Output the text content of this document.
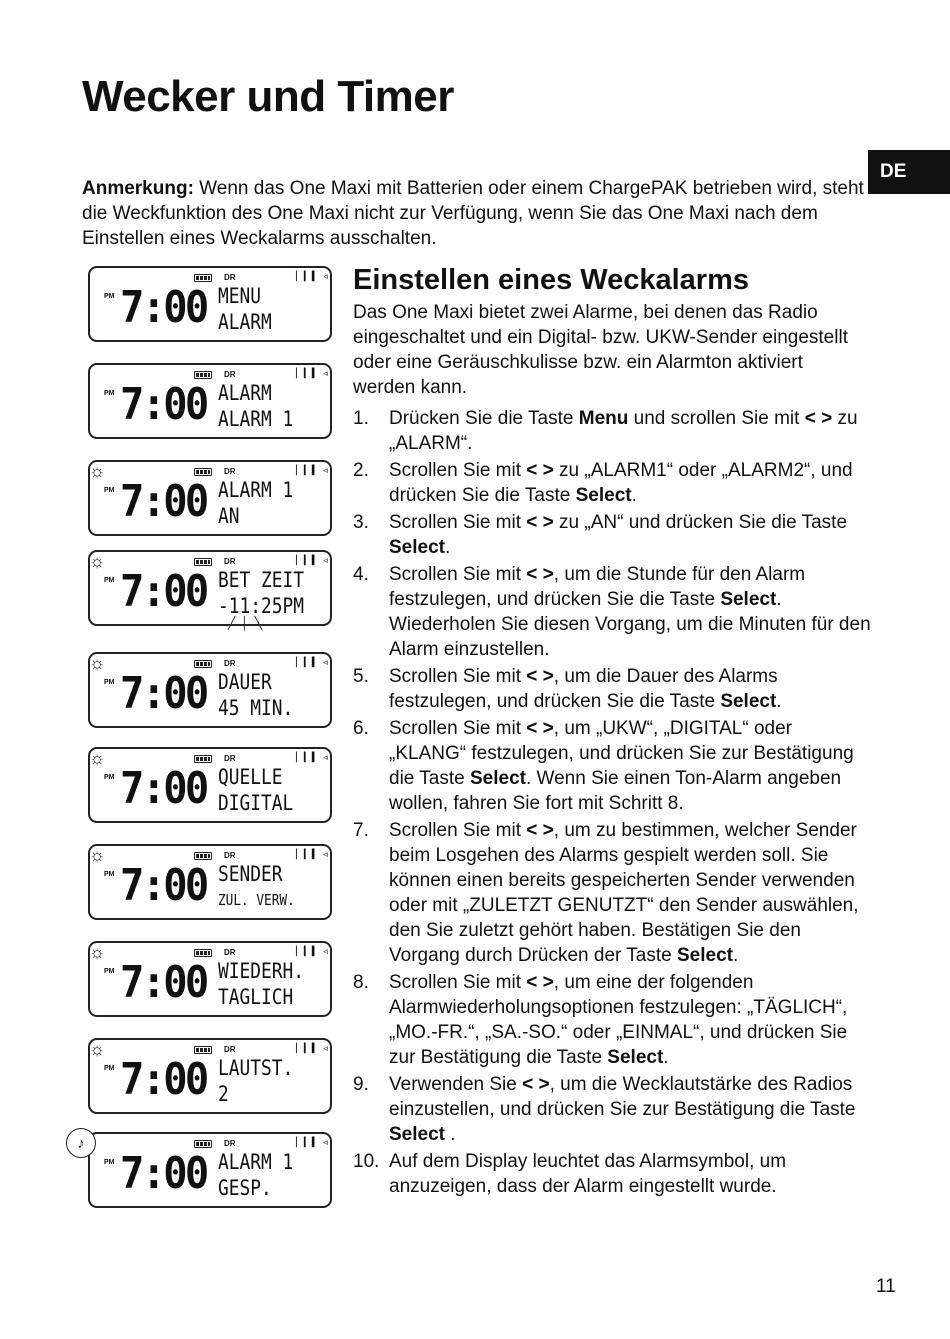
Wecker und Timer
DE

Anmerkung: Wenn das One Maxi mit Batterien oder einem ChargePAK betrieben wird, steht die Weckfunktion des One Maxi nicht zur Verfügung, wenn Sie das One Maxi nach dem Einstellen eines Weckalarms ausschalten.

PM
DR	▏▎▍ ◃
7:00 MENU
ALARM
PM
DR	▏▎▍ ◃
7:00 ALARM
ALARM 1
PM
DR	▏▎▍ ◃
7:00 ALARM 1
AN
☼
PM
DR	▏▎▍ ◃
7:00 BET ZEIT
-11:25PM
☼
╱│╲
PM
DR	▏▎▍ ◃
7:00 DAUER
45 MIN.
☼
PM
DR	▏▎▍ ◃
7:00 QUELLE
DIGITAL
☼
PM
DR	▏▎▍ ◃
7:00 SENDER
ZUL. VERW.
☼
PM
DR	▏▎▍ ◃
7:00 WIEDERH.
TAGLICH
☼
PM
DR	▏▎▍ ◃
7:00 LAUTST.
2
☼
PM
DR	▏▎▍ ◃
7:00 ALARM 1
GESP.
♪
Einstellen eines Weckalarms

Das One Maxi bietet zwei Alarme, bei denen das Radio eingeschaltet und ein Digital- bzw. UKW-Sender eingestellt oder eine Geräuschkulisse bzw. ein Alarmton aktiviert werden kann.

1. Drücken Sie die Taste Menu und scrollen Sie mit < > zu „ALARM“.
2. Scrollen Sie mit < > zu „ALARM1“ oder „ALARM2“, und drücken Sie die Taste Select.
3. Scrollen Sie mit < > zu „AN“ und drücken Sie die Taste Select.
4. Scrollen Sie mit < >, um die Stunde für den Alarm festzulegen, und drücken Sie die Taste Select. Wiederholen Sie diesen Vorgang, um die Minuten für den Alarm einzustellen.
5. Scrollen Sie mit < >, um die Dauer des Alarms festzulegen, und drücken Sie die Taste Select.
6. Scrollen Sie mit < >, um „UKW“, „DIGITAL“ oder „KLANG“ festzulegen, und drücken Sie zur Bestätigung die Taste Select. Wenn Sie einen Ton-Alarm angeben wollen, fahren Sie fort mit Schritt 8.
7. Scrollen Sie mit < >, um zu bestimmen, welcher Sender beim Losgehen des Alarms gespielt werden soll. Sie können einen bereits gespeicherten Sender verwenden oder mit „ZULETZT GENUTZT“ den Sender auswählen, den Sie zuletzt gehört haben. Bestätigen Sie den Vorgang durch Drücken der Taste Select.
8. Scrollen Sie mit < >, um eine der folgenden Alarmwiederholungsoptionen festzulegen: „TÄGLICH“, „MO.-FR.“, „SA.-SO.“ oder „EINMAL“, und drücken Sie zur Bestätigung die Taste Select.
9. Verwenden Sie < >, um die Wecklautstärke des Radios einzustellen, und drücken Sie zur Bestätigung die Taste Select .
10. Auf dem Display leuchtet das Alarmsymbol, um anzuzeigen, dass der Alarm eingestellt wurde.
11
